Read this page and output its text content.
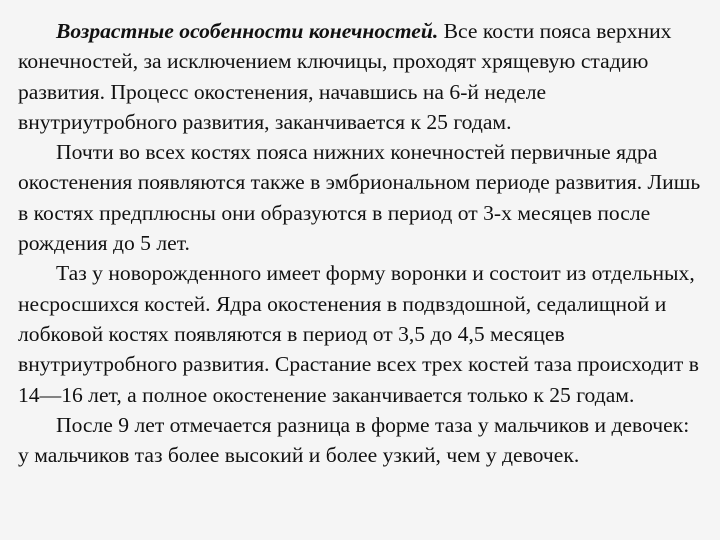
Возрастные особенности конечностей. Все кости пояса верхних конечностей, за исключением ключицы, проходят хрящевую стадию развития. Процесс окостенения, начавшись на 6-й неделе внутриутробного развития, заканчивается к 25 годам.

Почти во всех костях пояса нижних конечностей первичные ядра окостенения появляются также в эмбриональном периоде развития. Лишь в костях предплюсны они образуются в период от 3-х месяцев после рождения до 5 лет.

Таз у новорожденного имеет форму воронки и состоит из отдельных, несросшихся костей. Ядра окостенения в подвздошной, седалищной и лобковой костях появляются в период от 3,5 до 4,5 месяцев внутриутробного развития. Срастание всех трех костей таза происходит в 14—16 лет, а полное окостенение заканчивается только к 25 годам.

После 9 лет отмечается разница в форме таза у мальчиков и девочек: у мальчиков таз более высокий и более узкий, чем у девочек.
